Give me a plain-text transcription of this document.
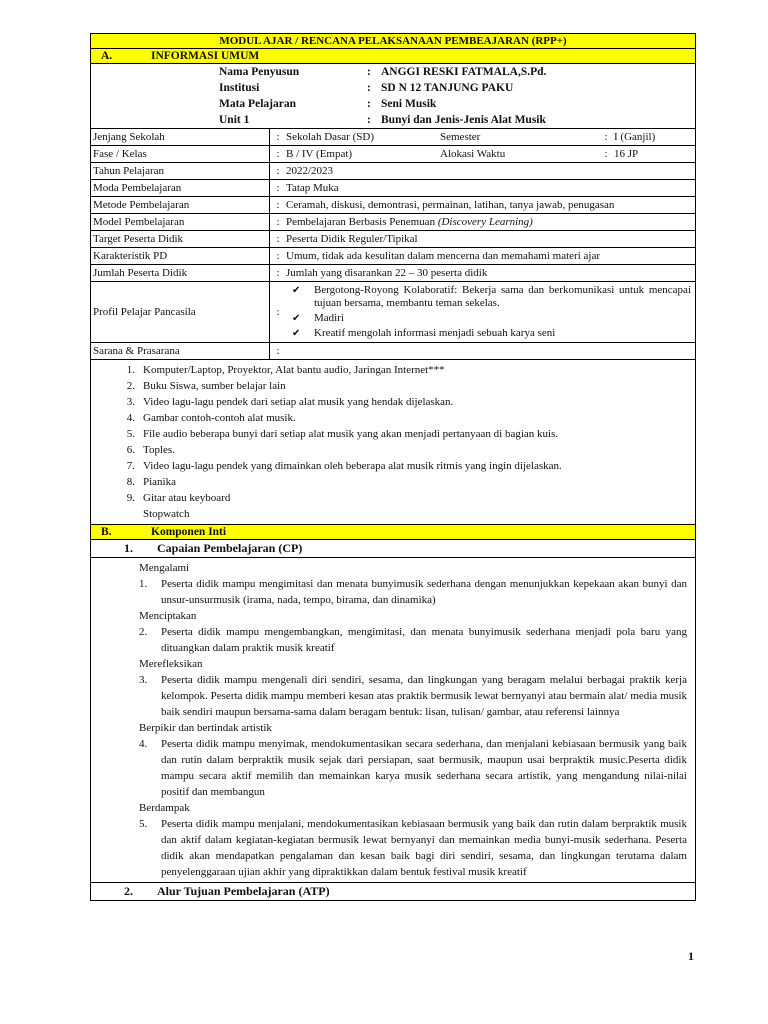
MODUL AJAR / RENCANA PELAKSANAAN PEMBEAJARAN (RPP+)
A.	INFORMASI UMUM
Nama Penyusun	: ANGGI RESKI FATMALA,S.Pd.
Institusi	: SD N 12 TANJUNG PAKU
Mata Pelajaran	: Seni Musik
Unit 1	: Bunyi dan Jenis-Jenis Alat Musik
Jenjang Sekolah	: Sekolah Dasar (SD)	Semester	: I (Ganjil)
Fase / Kelas	: B / IV (Empat)	Alokasi Waktu	: 16 JP
Tahun Pelajaran	: 2022/2023
Moda Pembelajaran	: Tatap Muka
Metode Pembelajaran	: Ceramah, diskusi, demontrasi, permainan, latihan, tanya jawab, penugasan
Model Pembelajaran	: Pembelajaran Berbasis Penemuan (Discovery Learning)
Target Peserta Didik	: Peserta Didik Reguler/Tipikal
Karakteristik PD	: Umum, tidak ada kesulitan dalam mencerna dan memahami materi ajar
Jumlah Peserta Didik	: Jumlah yang disarankan 22 – 30 peserta didik
Profil Pelajar Pancasila	:
✔ Bergotong-Royong Kolaboratif: Bekerja sama dan berkomunikasi untuk mencapai tujuan bersama, membantu teman sekelas.
✔ Madiri
✔ Kreatif mengolah informasi menjadi sebuah karya seni
Sarana & Prasarana	:
1. Komputer/Laptop, Proyektor, Alat bantu audio, Jaringan Internet***
2. Buku Siswa, sumber belajar lain
3. Video lagu-lagu pendek dari setiap alat musik yang hendak dijelaskan.
4. Gambar contoh-contoh alat musik.
5. File audio beberapa bunyi dari setiap alat musik yang akan menjadi pertanyaan di bagian kuis.
6. Toples.
7. Video lagu-lagu pendek yang dimainkan oleh beberapa alat musik ritmis yang ingin dijelaskan.
8. Pianika
9. Gitar atau keyboard
Stopwatch
B.	Komponen Inti
1.	Capaian Pembelajaran (CP)
Mengalami
1.	Peserta didik mampu mengimitasi dan menata bunyimusik sederhana dengan menunjukkan kepekaan akan bunyi dan unsur-unsurmusik (irama, nada, tempo, birama, dan dinamika)
Menciptakan
2.	Peserta didik mampu mengembangkan, mengimitasi, dan menata bunyimusik sederhana menjadi pola baru yang dituangkan dalam praktik musik kreatif
Merefleksikan
3.	Peserta didik mampu mengenali diri sendiri, sesama, dan lingkungan yang beragam melalui berbagai praktik kerja kelompok. Peserta didik mampu memberi kesan atas praktik bermusik lewat bernyanyi atau bermain alat/ media musik baik sendiri maupun bersama-sama dalam beragam bentuk: lisan, tulisan/ gambar, atau referensi lainnya
Berpikir dan bertindak artistik
4.	Peserta didik mampu menyimak, mendokumentasikan secara sederhana, dan menjalani kebiasaan bermusik yang baik dan rutin dalam berpraktik musik sejak dari persiapan, saat bermusik, maupun usai berpraktik music.Peserta didik mampu secara aktif memilih dan memainkan karya musik sederhana secara artistik, yang mengandung nilai-nilai positif dan membangun
Berdampak
5.	Peserta didik mampu menjalani, mendokumentasikan kebiasaan bermusik yang baik dan rutin dalam berpraktik musik dan aktif dalam kegiatan-kegiatan bermusik lewat bernyanyi dan memainkan media bunyi-musik sederhana. Peserta didik akan mendapatkan pengalaman dan kesan baik bagi diri sendiri, sesama, dan lingkungan terutama dalam penyelenggaraan ujian akhir yang dipraktikkan dalam bentuk festival musik kreatif
2.	Alur Tujuan Pembelajaran (ATP)
1
